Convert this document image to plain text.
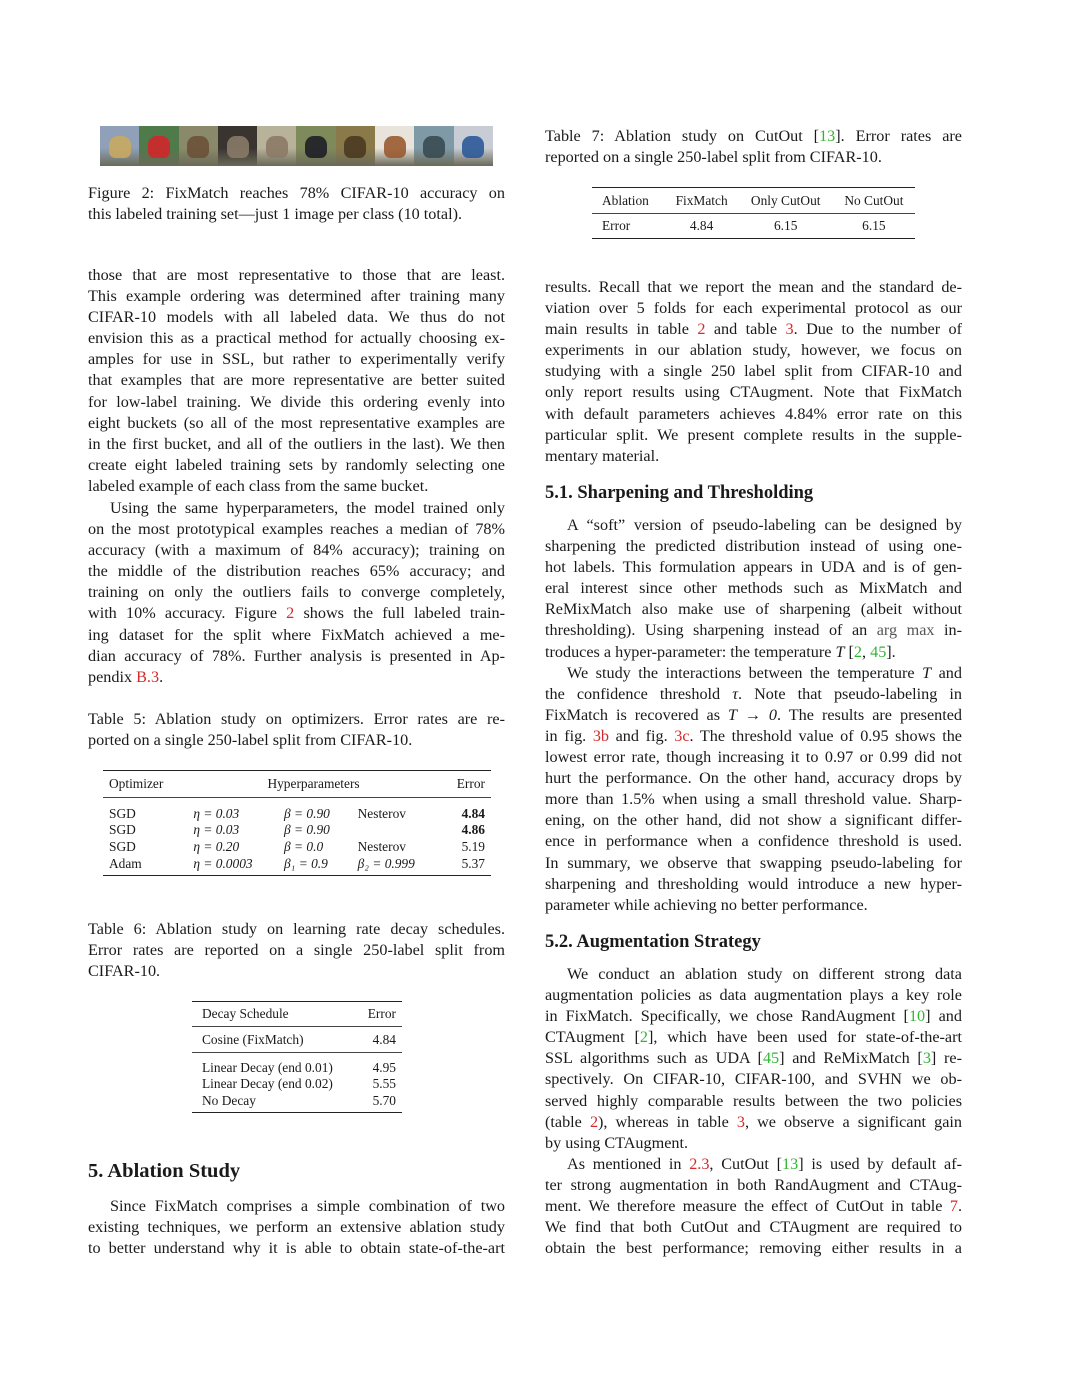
Figure 2: FixMatch reaches 78% CIFAR-10 accuracy on
this labeled training set—just 1 image per class (10 total).
those that are most representative to those that are least.
This example ordering was determined after training many
CIFAR-10 models with all labeled data. We thus do not
envision this as a practical method for actually choosing ex-
amples for use in SSL, but rather to experimentally verify
that examples that are more representative are better suited
for low-label training. We divide this ordering evenly into
eight buckets (so all of the most representative examples are
in the first bucket, and all of the outliers in the last). We then
create eight labeled training sets by randomly selecting one
labeled example of each class from the same bucket.
Using the same hyperparameters, the model trained only
on the most prototypical examples reaches a median of 78%
accuracy (with a maximum of 84% accuracy); training on
the middle of the distribution reaches 65% accuracy; and
training on only the outliers fails to converge completely,
with 10% accuracy. Figure 2 shows the full labeled train-
ing dataset for the split where FixMatch achieved a me-
dian accuracy of 78%. Further analysis is presented in Ap-
pendix B.3.
Table 5: Ablation study on optimizers. Error rates are re-
ported on a single 250-label split from CIFAR-10.
Optimizer	Hyperparameters			Error
SGD	η = 0.03	β = 0.90	Nesterov	4.84
SGD	η = 0.03	β = 0.90		4.86
SGD	η = 0.20	β = 0.0	Nesterov	5.19
Adam	η = 0.0003	β₁ = 0.9	β₂ = 0.999	5.37
Table 6: Ablation study on learning rate decay schedules.
Error rates are reported on a single 250-label split from
CIFAR-10.
Decay Schedule	Error
Cosine (FixMatch)	4.84
Linear Decay (end 0.01)	4.95
Linear Decay (end 0.02)	5.55
No Decay	5.70
5. Ablation Study
Since FixMatch comprises a simple combination of two
existing techniques, we perform an extensive ablation study
to better understand why it is able to obtain state-of-the-art
Table 7: Ablation study on CutOut [13]. Error rates are
reported on a single 250-label split from CIFAR-10.
Ablation	FixMatch	Only CutOut	No CutOut
Error	4.84	6.15	6.15
results. Recall that we report the mean and the standard de-
viation over 5 folds for each experimental protocol as our
main results in table 2 and table 3. Due to the number of
experiments in our ablation study, however, we focus on
studying with a single 250 label split from CIFAR-10 and
only report results using CTAugment. Note that FixMatch
with default parameters achieves 4.84% error rate on this
particular split. We present complete results in the supple-
mentary material.
5.1. Sharpening and Thresholding
A “soft” version of pseudo-labeling can be designed by
sharpening the predicted distribution instead of using one-
hot labels. This formulation appears in UDA and is of gen-
eral interest since other methods such as MixMatch and
ReMixMatch also make use of sharpening (albeit without
thresholding). Using sharpening instead of an arg max in-
troduces a hyper-parameter: the temperature T [2, 45].
We study the interactions between the temperature T and
the confidence threshold τ. Note that pseudo-labeling in
FixMatch is recovered as T → 0. The results are presented
in fig. 3b and fig. 3c. The threshold value of 0.95 shows the
lowest error rate, though increasing it to 0.97 or 0.99 did not
hurt the performance. On the other hand, accuracy drops by
more than 1.5% when using a small threshold value. Sharp-
ening, on the other hand, did not show a significant differ-
ence in performance when a confidence threshold is used.
In summary, we observe that swapping pseudo-labeling for
sharpening and thresholding would introduce a new hyper-
parameter while achieving no better performance.
5.2. Augmentation Strategy
We conduct an ablation study on different strong data
augmentation policies as data augmentation plays a key role
in FixMatch. Specifically, we chose RandAugment [10] and
CTAugment [2], which have been used for state-of-the-art
SSL algorithms such as UDA [45] and ReMixMatch [3] re-
spectively. On CIFAR-10, CIFAR-100, and SVHN we ob-
served highly comparable results between the two policies
(table 2), whereas in table 3, we observe a significant gain
by using CTAugment.
As mentioned in 2.3, CutOut [13] is used by default af-
ter strong augmentation in both RandAugment and CTAug-
ment. We therefore measure the effect of CutOut in table 7.
We find that both CutOut and CTAugment are required to
obtain the best performance; removing either results in a
